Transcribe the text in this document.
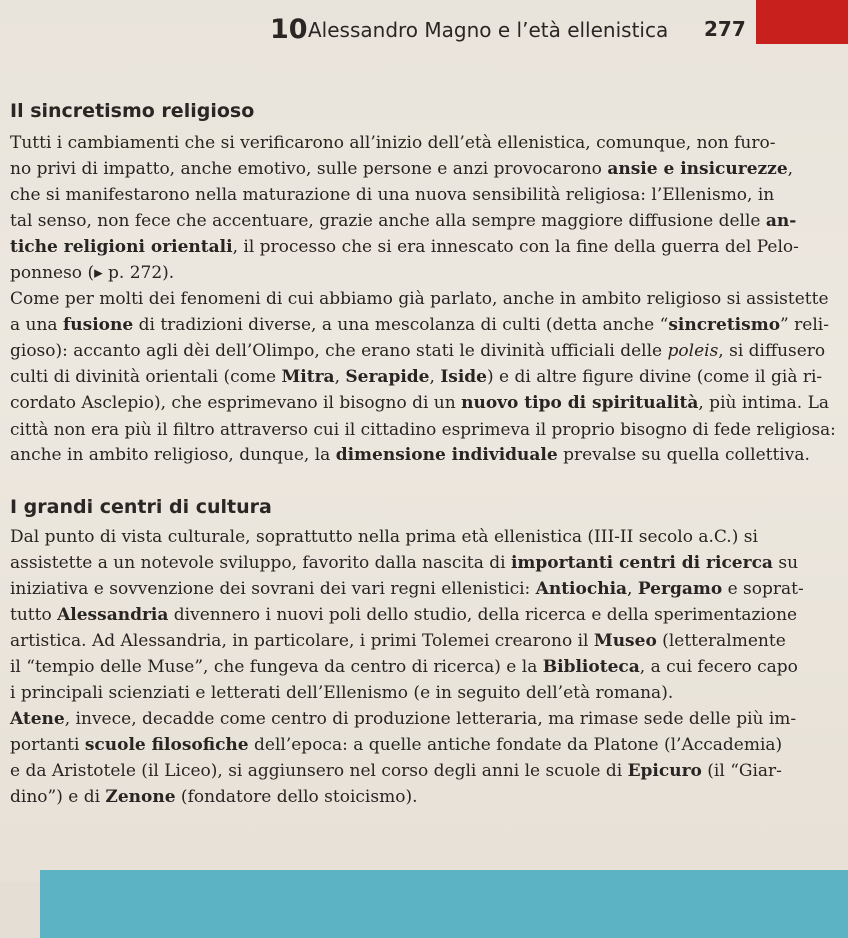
10 Alessandro Magno e l’età ellenistica 277
Il sincretismo religioso
Tutti i cambiamenti che si verificarono all’inizio dell’età ellenistica, comunque, non furo-
no privi di impatto, anche emotivo, sulle persone e anzi provocarono ansie e insicurezze,
che si manifestarono nella maturazione di una nuova sensibilità religiosa: l’Ellenismo, in
tal senso, non fece che accentuare, grazie anche alla sempre maggiore diffusione delle an-
tiche religioni orientali, il processo che si era innescato con la fine della guerra del Pelo-
ponneso (▸ p. 272).
Come per molti dei fenomeni di cui abbiamo già parlato, anche in ambito religioso si assistette
a una fusione di tradizioni diverse, a una mescolanza di culti (detta anche “sincretismo” reli-
gioso): accanto agli dèi dell’Olimpo, che erano stati le divinità ufficiali delle poleis, si diffusero
culti di divinità orientali (come Mitra, Serapide, Iside) e di altre figure divine (come il già ri-
cordato Asclepio), che esprimevano il bisogno di un nuovo tipo di spiritualità, più intima. La
città non era più il filtro attraverso cui il cittadino esprimeva il proprio bisogno di fede religiosa:
anche in ambito religioso, dunque, la dimensione individuale prevalse su quella collettiva.
I grandi centri di cultura
Dal punto di vista culturale, soprattutto nella prima età ellenistica (III-II secolo a.C.) si
assistette a un notevole sviluppo, favorito dalla nascita di importanti centri di ricerca su
iniziativa e sovvenzione dei sovrani dei vari regni ellenistici: Antiochia, Pergamo e soprat-
tutto Alessandria divennero i nuovi poli dello studio, della ricerca e della sperimentazione
artistica. Ad Alessandria, in particolare, i primi Tolemei crearono il Museo (letteralmente
il “tempio delle Muse”, che fungeva da centro di ricerca) e la Biblioteca, a cui fecero capo
i principali scienziati e letterati dell’Ellenismo (e in seguito dell’età romana).
Atene, invece, decadde come centro di produzione letteraria, ma rimase sede delle più im-
portanti scuole filosofiche dell’epoca: a quelle antiche fondate da Platone (l’Accademia)
e da Aristotele (il Liceo), si aggiunsero nel corso degli anni le scuole di Epicuro (il “Giar-
dino”) e di Zenone (fondatore dello stoicismo).
